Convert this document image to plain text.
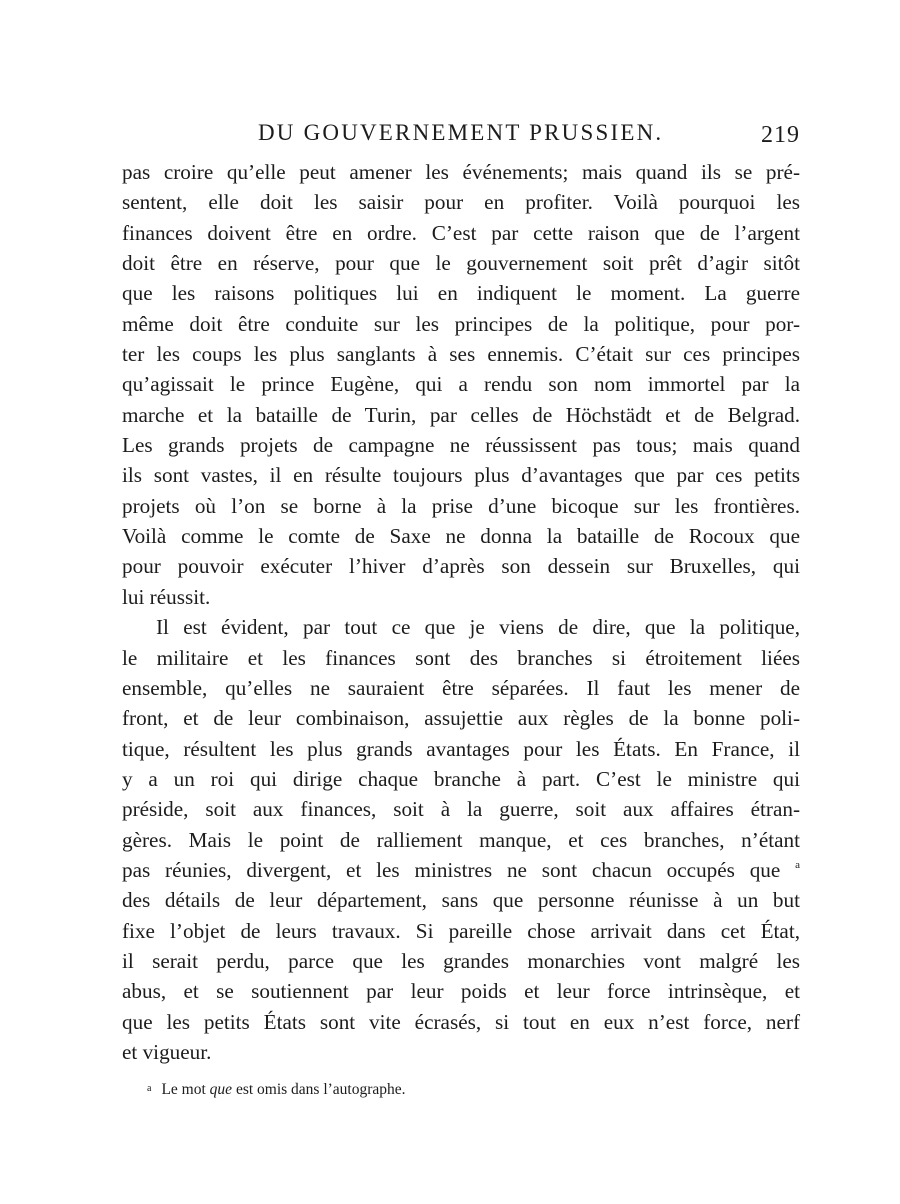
DU GOUVERNEMENT PRUSSIEN.	219
pas croire qu’elle peut amener les événements; mais quand ils se pré-
sentent, elle doit les saisir pour en profiter. Voilà pourquoi les
finances doivent être en ordre. C’est par cette raison que de l’argent
doit être en réserve, pour que le gouvernement soit prêt d’agir sitôt
que les raisons politiques lui en indiquent le moment. La guerre
même doit être conduite sur les principes de la politique, pour por-
ter les coups les plus sanglants à ses ennemis. C’était sur ces principes
qu’agissait le prince Eugène, qui a rendu son nom immortel par la
marche et la bataille de Turin, par celles de Höchstädt et de Belgrad.
Les grands projets de campagne ne réussissent pas tous; mais quand
ils sont vastes, il en résulte toujours plus d’avantages que par ces petits
projets où l’on se borne à la prise d’une bicoque sur les frontières.
Voilà comme le comte de Saxe ne donna la bataille de Rocoux que
pour pouvoir exécuter l’hiver d’après son dessein sur Bruxelles, qui
lui réussit.
Il est évident, par tout ce que je viens de dire, que la politique,
le militaire et les finances sont des branches si étroitement liées
ensemble, qu’elles ne sauraient être séparées. Il faut les mener de
front, et de leur combinaison, assujettie aux règles de la bonne poli-
tique, résultent les plus grands avantages pour les États. En France, il
y a un roi qui dirige chaque branche à part. C’est le ministre qui
préside, soit aux finances, soit à la guerre, soit aux affaires étran-
gères. Mais le point de ralliement manque, et ces branches, n’étant
pas réunies, divergent, et les ministres ne sont chacun occupés que $^a$
des détails de leur département, sans que personne réunisse à un but
fixe l’objet de leurs travaux. Si pareille chose arrivait dans cet État,
il serait perdu, parce que les grandes monarchies vont malgré les
abus, et se soutiennent par leur poids et leur force intrinsèque, et
que les petits États sont vite écrasés, si tout en eux n’est force, nerf
et vigueur.
a Le mot que est omis dans l’autographe.
